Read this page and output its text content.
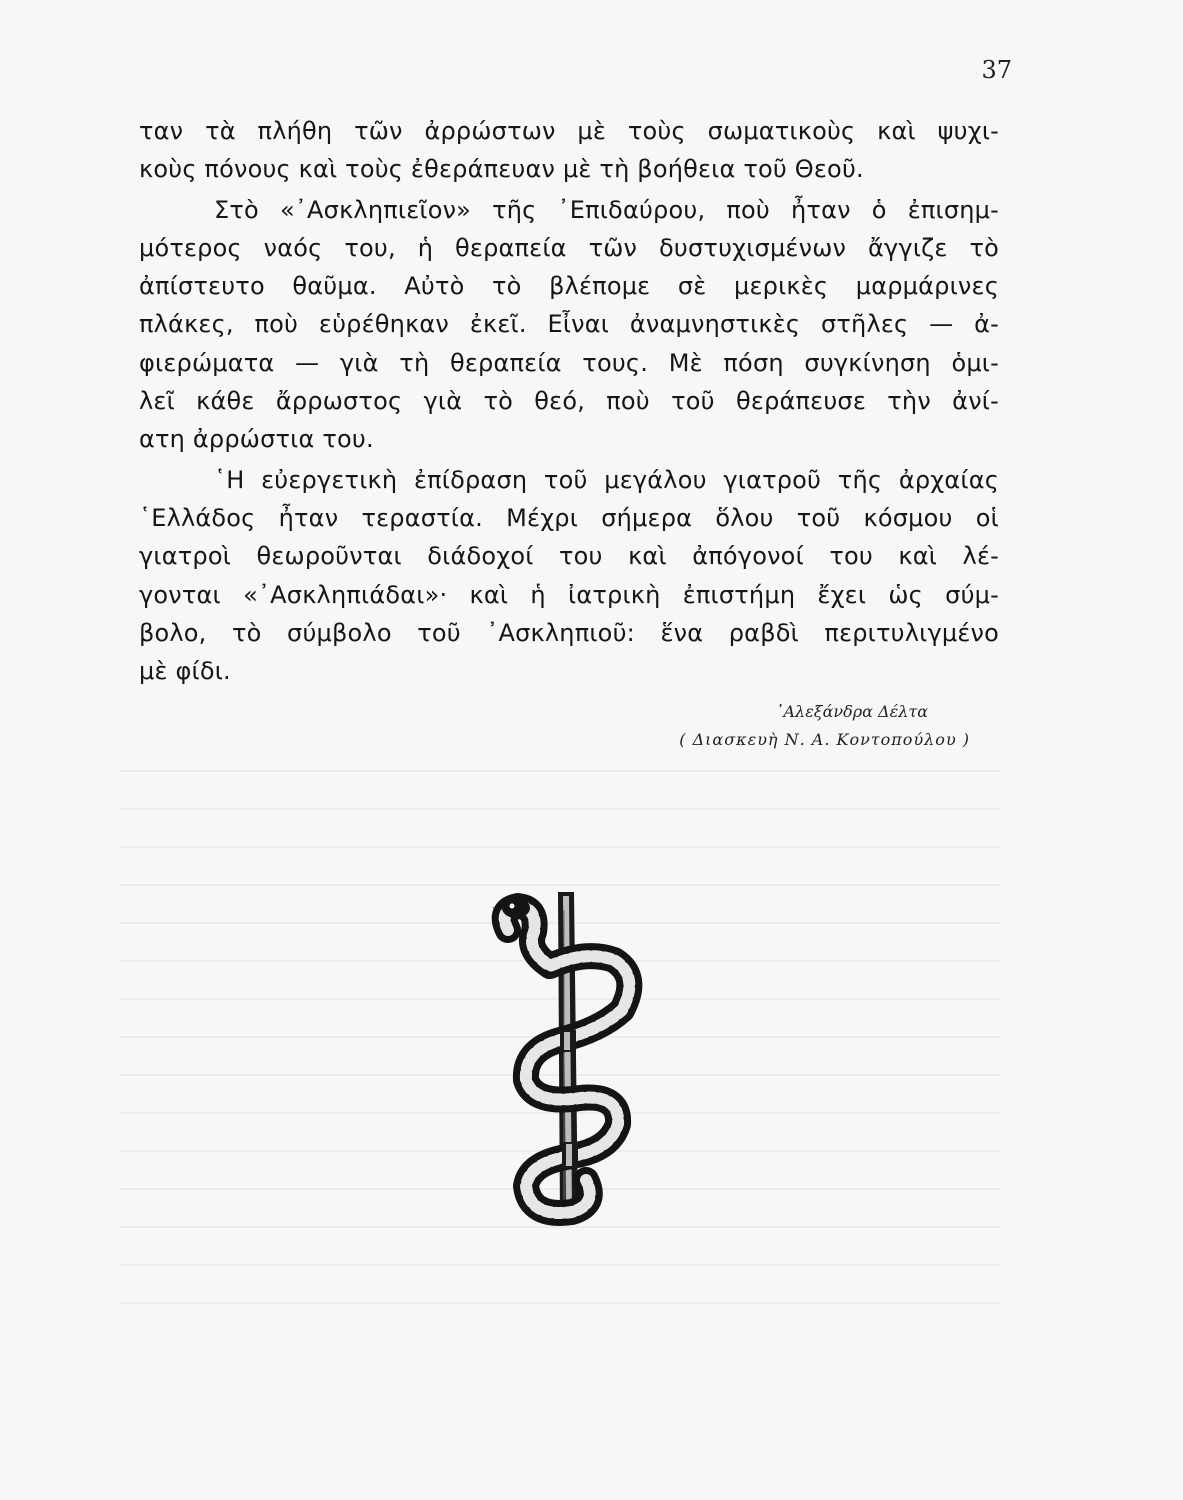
37
ταν τὰ πλήθη τῶν ἀρρώστων μὲ τοὺς σωματικοὺς καὶ ψυχι-
κοὺς πόνους καὶ τοὺς ἐθεράπευαν μὲ τὴ βοήθεια τοῦ Θεοῦ.
Στὸ «᾿Ασκληπιεῖον» τῆς ᾿Επιδαύρου, ποὺ ἦταν ὁ ἐπισημ-
μότερος ναός του, ἡ θεραπεία τῶν δυστυχισμένων ἄγγιζε τὸ
ἀπίστευτο θαῦμα. Αὐτὸ τὸ βλέπομε σὲ μερικὲς μαρμάρινες
πλάκες, ποὺ εὑρέθηκαν ἐκεῖ. Εἶναι ἀναμνηστικὲς στῆλες — ἀ-
φιερώματα — γιὰ τὴ θεραπεία τους. Μὲ πόση συγκίνηση ὁμι-
λεῖ κάθε ἄρρωστος γιὰ τὸ θεό, ποὺ τοῦ θεράπευσε τὴν ἀνί-
ατη ἀρρώστια του.
῾Η εὐεργετικὴ ἐπίδραση τοῦ μεγάλου γιατροῦ τῆς ἀρχαίας
῾Ελλάδος ἦταν τεραστία. Μέχρι σήμερα ὅλου τοῦ κόσμου οἱ
γιατροὶ θεωροῦνται διάδοχοί του καὶ ἀπόγονοί του καὶ λέ-
γονται «᾿Ασκληπιάδαι»· καὶ ἡ ἰατρικὴ ἐπιστήμη ἔχει ὡς σύμ-
βολο, τὸ σύμβολο τοῦ ᾿Ασκληπιοῦ: ἕνα ραβδὶ περιτυλιγμένο
μὲ φίδι.
᾿Αλεξάνδρα Δέλτα
( Διασκευὴ Ν. Α. Κοντοπούλου )
